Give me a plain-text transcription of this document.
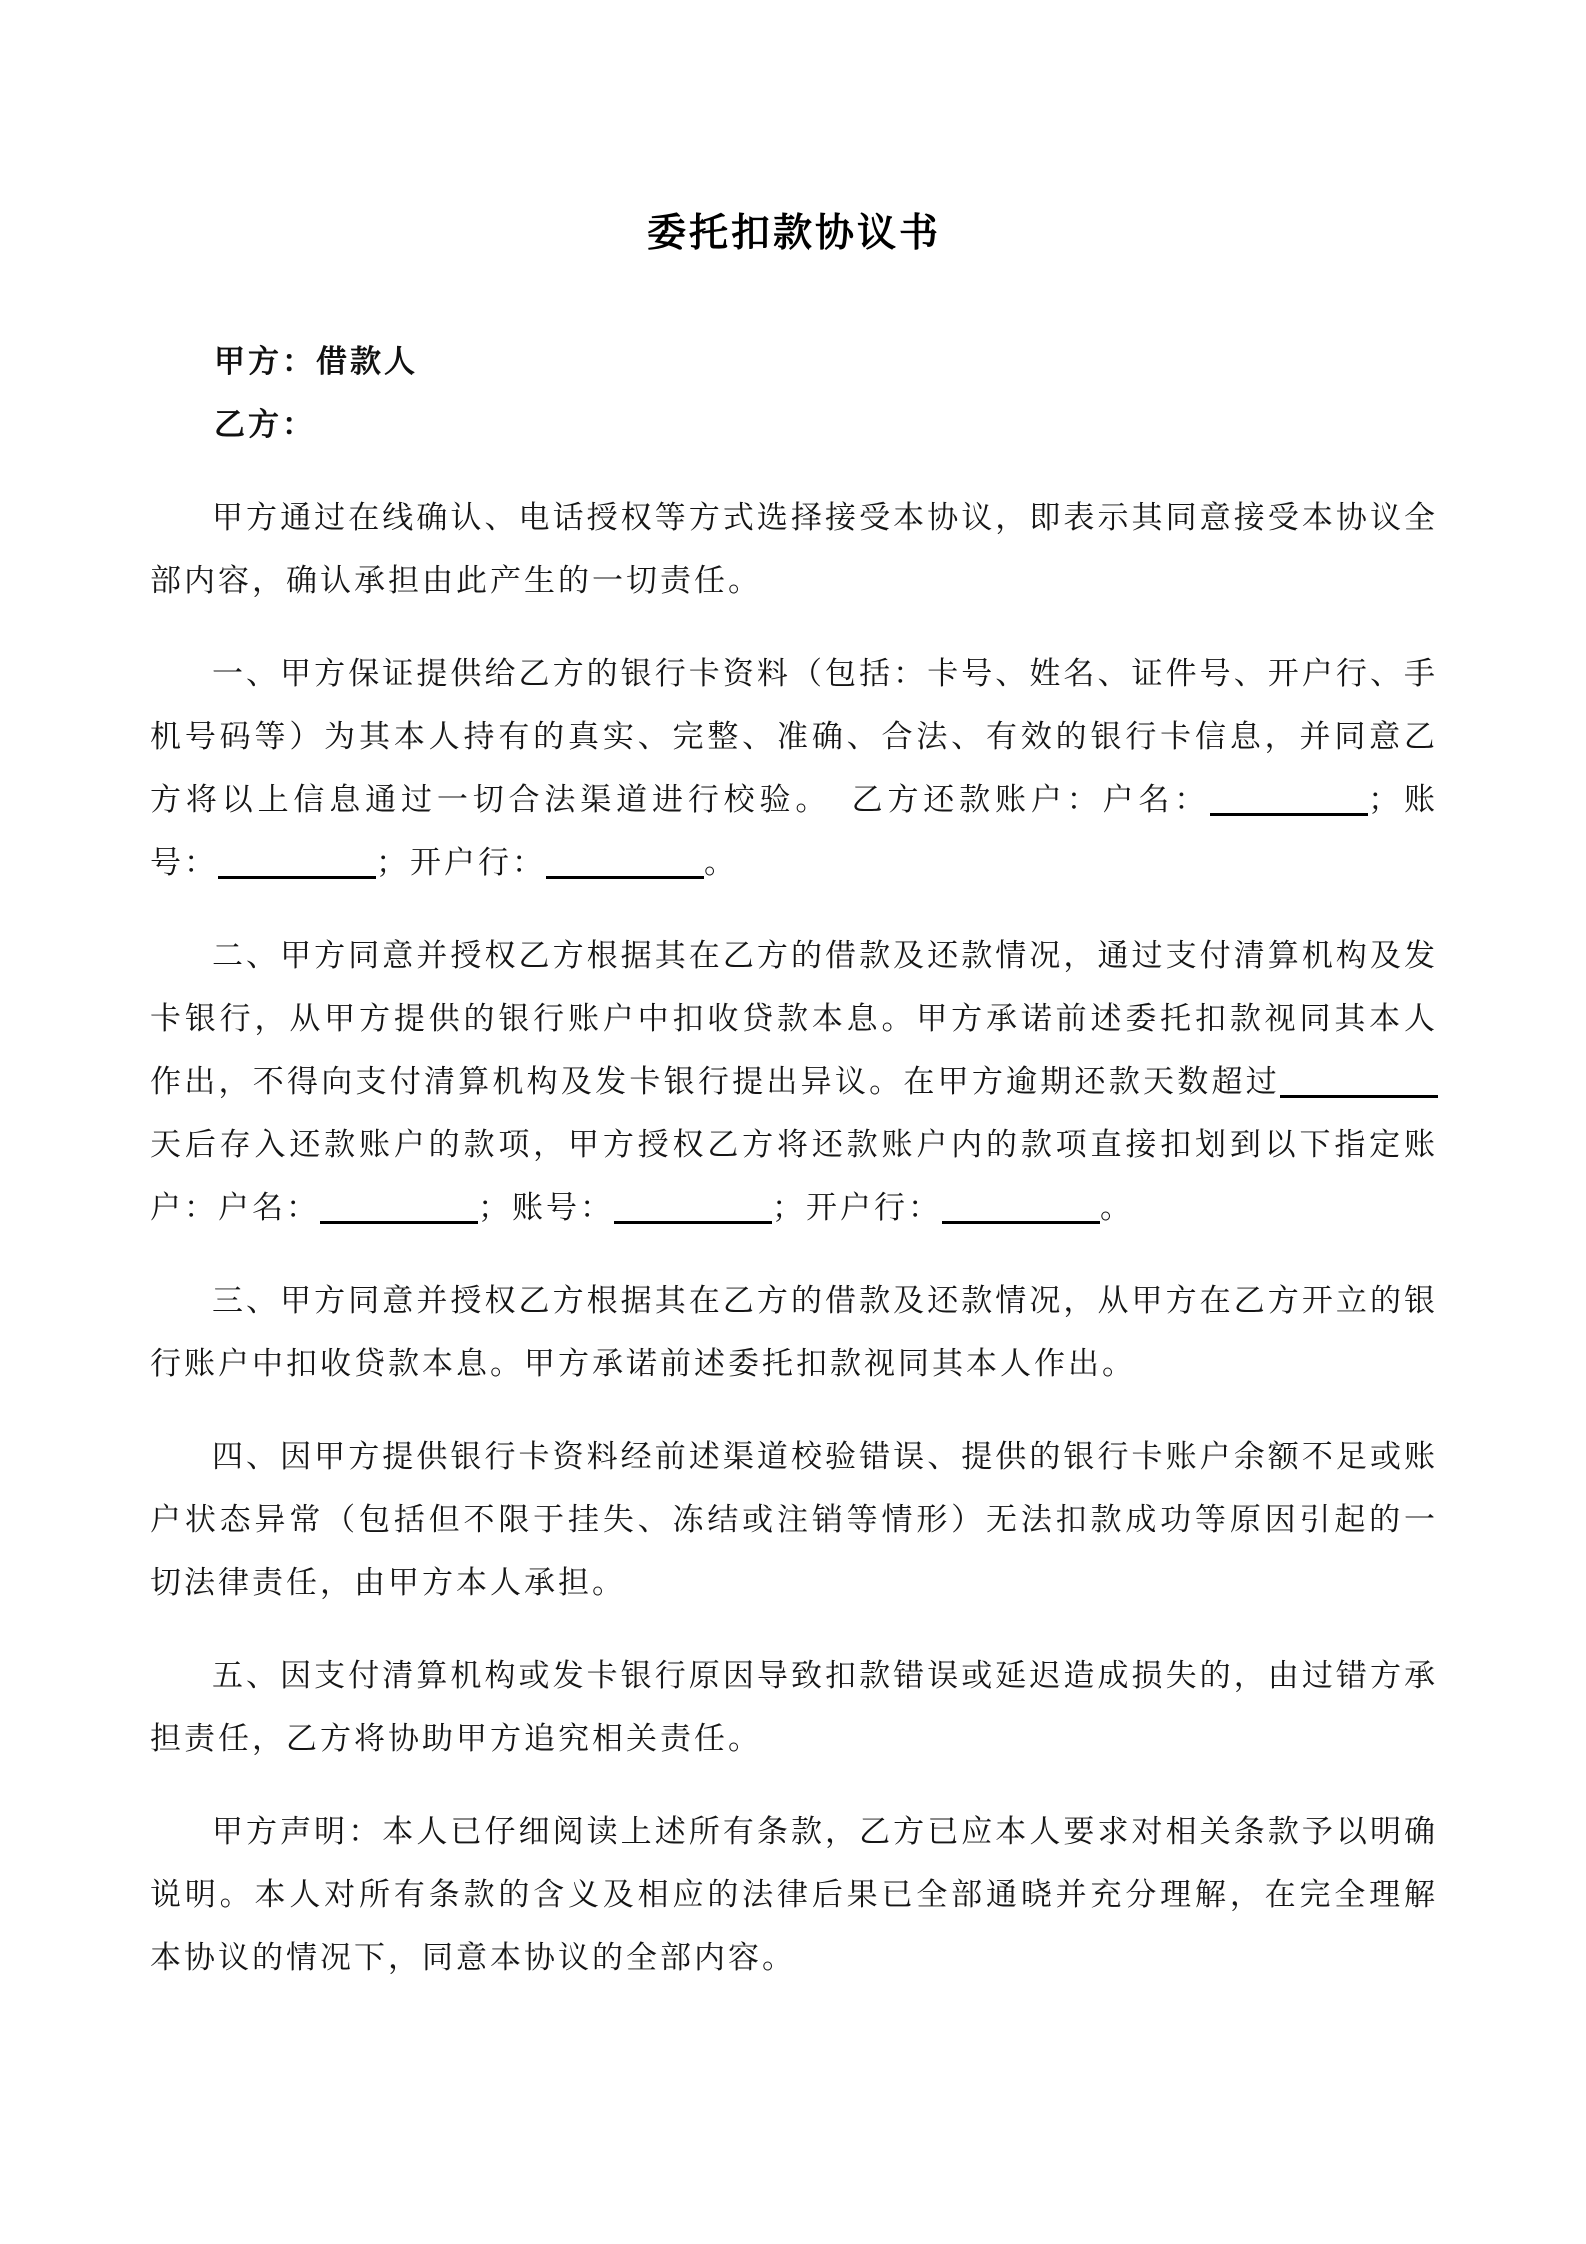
委托扣款协议书

甲方：借款人

乙方：

甲方通过在线确认、电话授权等方式选择接受本协议，即表示其同意接受本协议全部内容，确认承担由此产生的一切责任。

一、甲方保证提供给乙方的银行卡资料（包括：卡号、姓名、证件号、开户行、手机号码等）为其本人持有的真实、完整、准确、合法、有效的银行卡信息，并同意乙方将以上信息通过一切合法渠道进行校验。　乙方还款账户：户名：	；账号：	；开户行：	。

二、甲方同意并授权乙方根据其在乙方的借款及还款情况，通过支付清算机构及发卡银行，从甲方提供的银行账户中扣收贷款本息。甲方承诺前述委托扣款视同其本人作出，不得向支付清算机构及发卡银行提出异议。在甲方逾期还款天数超过天后存入还款账户的款项，甲方授权乙方将还款账户内的款项直接扣划到以下指定账户：户名：	；账号：	；开户行：	。

三、甲方同意并授权乙方根据其在乙方的借款及还款情况，从甲方在乙方开立的银行账户中扣收贷款本息。甲方承诺前述委托扣款视同其本人作出。

四、因甲方提供银行卡资料经前述渠道校验错误、提供的银行卡账户余额不足或账户状态异常（包括但不限于挂失、冻结或注销等情形）无法扣款成功等原因引起的一切法律责任，由甲方本人承担。

五、因支付清算机构或发卡银行原因导致扣款错误或延迟造成损失的，由过错方承担责任，乙方将协助甲方追究相关责任。

甲方声明：本人已仔细阅读上述所有条款，乙方已应本人要求对相关条款予以明确说明。本人对所有条款的含义及相应的法律后果已全部通晓并充分理解，在完全理解本协议的情况下，同意本协议的全部内容。
